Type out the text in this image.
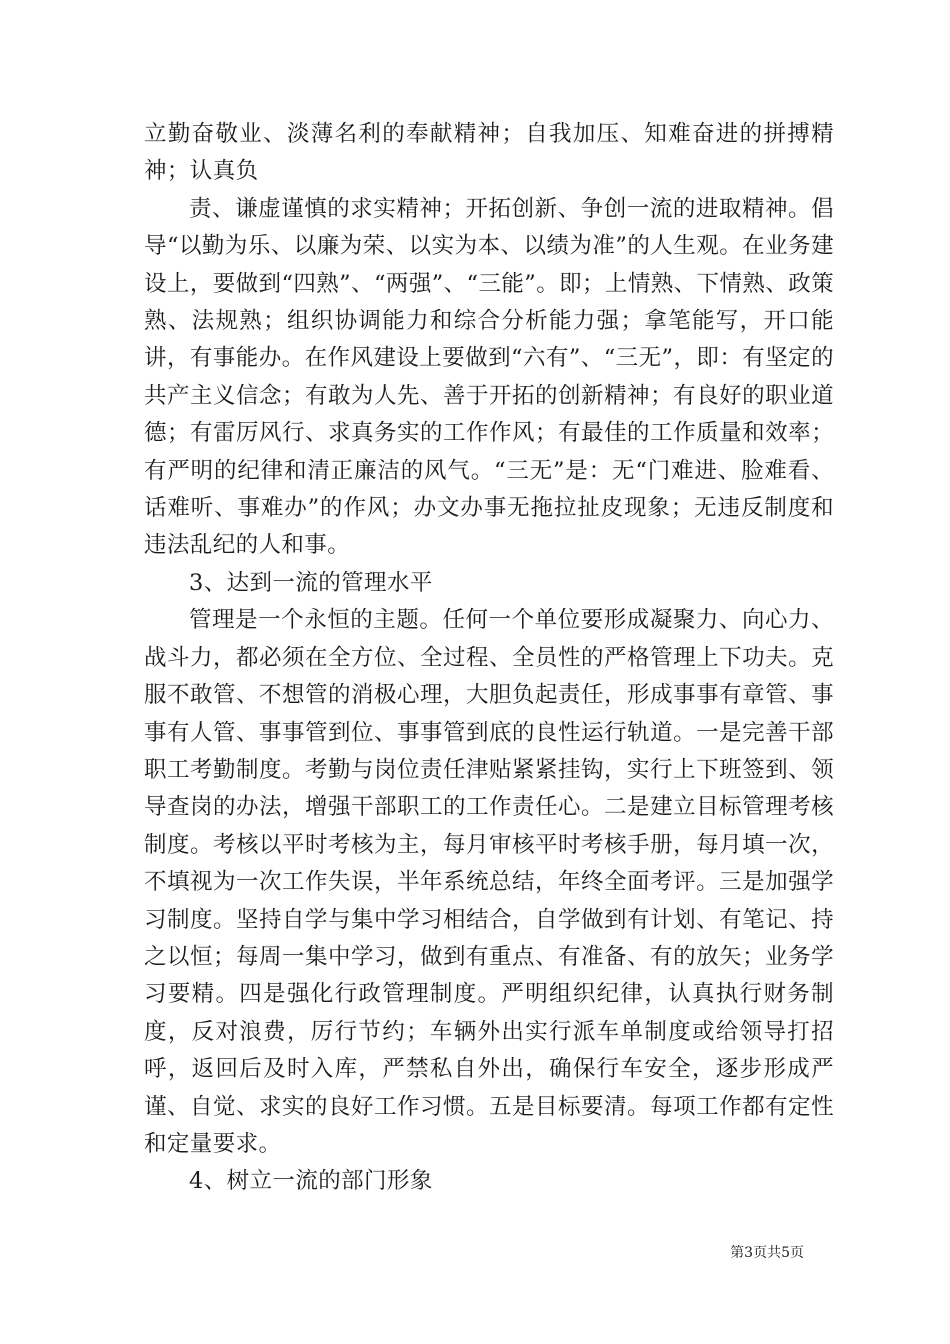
立勤奋敬业、淡薄名利的奉献精神；自我加压、知难奋进的拼搏精神；认真负

责、谦虚谨慎的求实精神；开拓创新、争创一流的进取精神。倡导“以勤为乐、以廉为荣、以实为本、以绩为准”的人生观。在业务建设上，要做到“四熟”、“两强”、“三能”。即；上情熟、下情熟、政策熟、法规熟；组织协调能力和综合分析能力强；拿笔能写，开口能讲，有事能办。在作风建设上要做到“六有”、“三无”，即：有坚定的共产主义信念；有敢为人先、善于开拓的创新精神；有良好的职业道德；有雷厉风行、求真务实的工作作风；有最佳的工作质量和效率；有严明的纪律和清正廉洁的风气。“三无”是：无“门难进、脸难看、话难听、事难办”的作风；办文办事无拖拉扯皮现象；无违反制度和违法乱纪的人和事。

3、达到一流的管理水平

管理是一个永恒的主题。任何一个单位要形成凝聚力、向心力、战斗力，都必须在全方位、全过程、全员性的严格管理上下功夫。克服不敢管、不想管的消极心理，大胆负起责任，形成事事有章管、事事有人管、事事管到位、事事管到底的良性运行轨道。一是完善干部职工考勤制度。考勤与岗位责任津贴紧紧挂钩，实行上下班签到、领导查岗的办法，增强干部职工的工作责任心。二是建立目标管理考核制度。考核以平时考核为主，每月审核平时考核手册，每月填一次，不填视为一次工作失误，半年系统总结，年终全面考评。三是加强学习制度。坚持自学与集中学习相结合，自学做到有计划、有笔记、持之以恒；每周一集中学习，做到有重点、有准备、有的放矢；业务学习要精。四是强化行政管理制度。严明组织纪律，认真执行财务制度，反对浪费，厉行节约；车辆外出实行派车单制度或给领导打招呼，返回后及时入库，严禁私自外出，确保行车安全，逐步形成严谨、自觉、求实的良好工作习惯。五是目标要清。每项工作都有定性和定量要求。

4、树立一流的部门形象

第3页共5页
